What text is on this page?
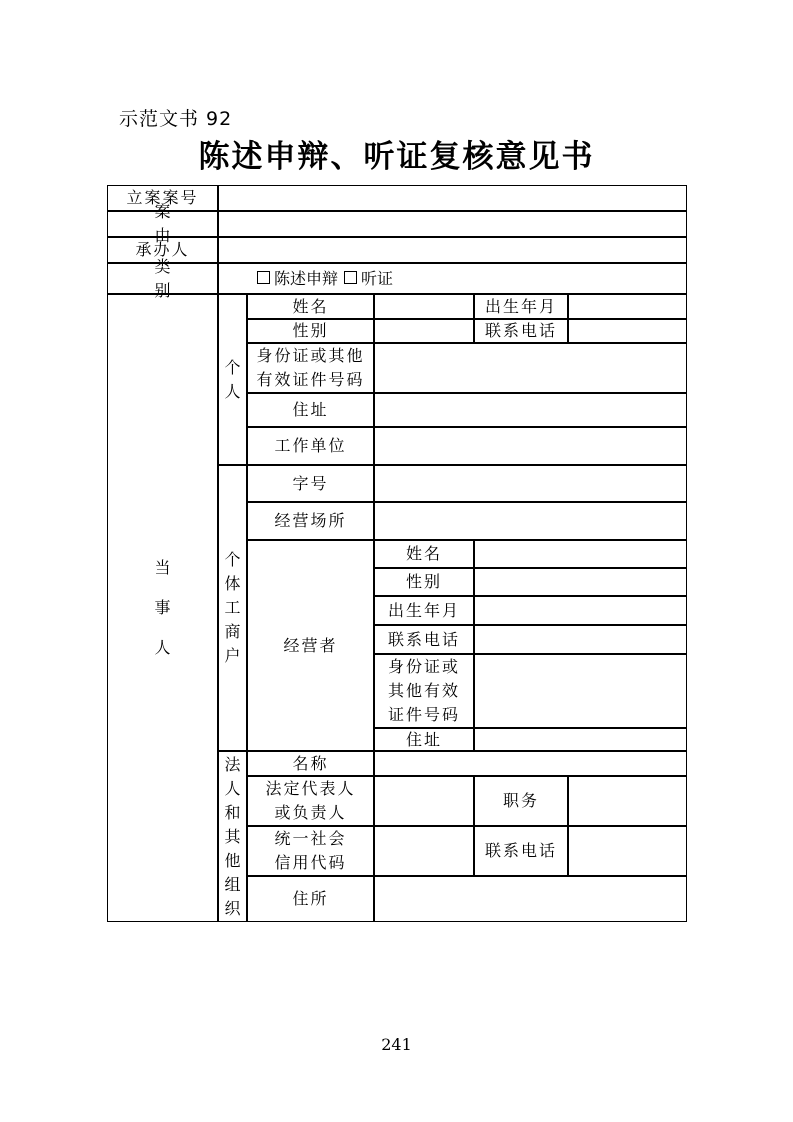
示范文书 92
陈述申辩、听证复核意见书
立案案号
案 由
承办人
类 别
陈述申辩 听证
当
事
人
个
人
姓名	出生年月
性别	联系电话
身份证或其他
有效证件号码
住址
工作单位
个
体
工
商
户
字号
经营场所
经营者
姓名
性别
出生年月
联系电话
身份证或
其他有效
证件号码
住址
法
人
和
其
他
组
织
名称
法定代表人
或负责人
职务
统一社会
信用代码
联系电话
住所
241
